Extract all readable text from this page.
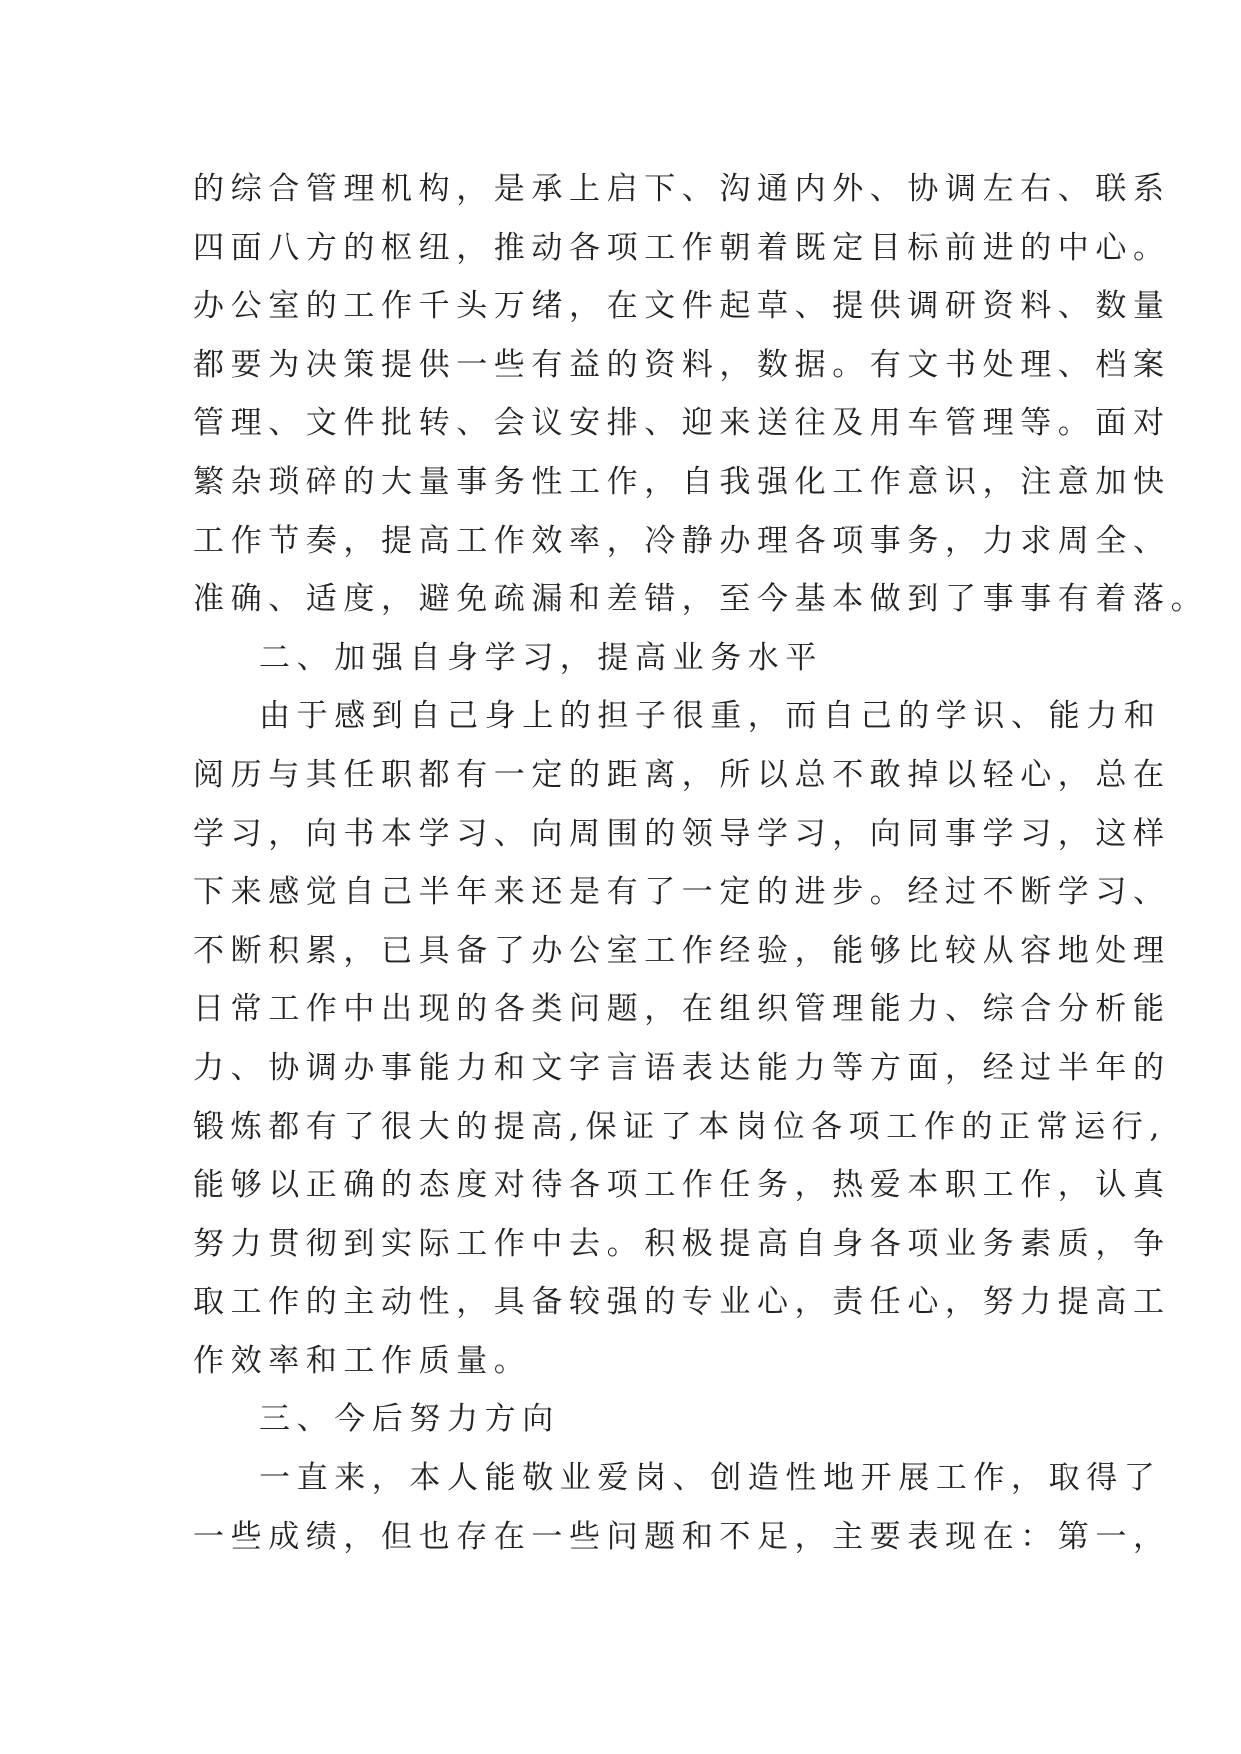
的综合管理机构，是承上启下、沟通内外、协调左右、联系
四面八方的枢纽，推动各项工作朝着既定目标前进的中心。
办公室的工作千头万绪，在文件起草、提供调研资料、数量
都要为决策提供一些有益的资料，数据。有文书处理、档案
管理、文件批转、会议安排、迎来送往及用车管理等。面对
繁杂琐碎的大量事务性工作，自我强化工作意识，注意加快
工作节奏，提高工作效率，冷静办理各项事务，力求周全、
准确、适度，避免疏漏和差错，至今基本做到了事事有着落。
二、加强自身学习，提高业务水平
由于感到自己身上的担子很重，而自己的学识、能力和
阅历与其任职都有一定的距离，所以总不敢掉以轻心，总在
学习，向书本学习、向周围的领导学习，向同事学习，这样
下来感觉自己半年来还是有了一定的进步。经过不断学习、
不断积累，已具备了办公室工作经验，能够比较从容地处理
日常工作中出现的各类问题，在组织管理能力、综合分析能
力、协调办事能力和文字言语表达能力等方面，经过半年的
锻炼都有了很大的提高,保证了本岗位各项工作的正常运行,
能够以正确的态度对待各项工作任务，热爱本职工作，认真
努力贯彻到实际工作中去。积极提高自身各项业务素质，争
取工作的主动性，具备较强的专业心，责任心，努力提高工
作效率和工作质量。
三、今后努力方向
一直来，本人能敬业爱岗、创造性地开展工作，取得了
一些成绩，但也存在一些问题和不足，主要表现在：第一，
